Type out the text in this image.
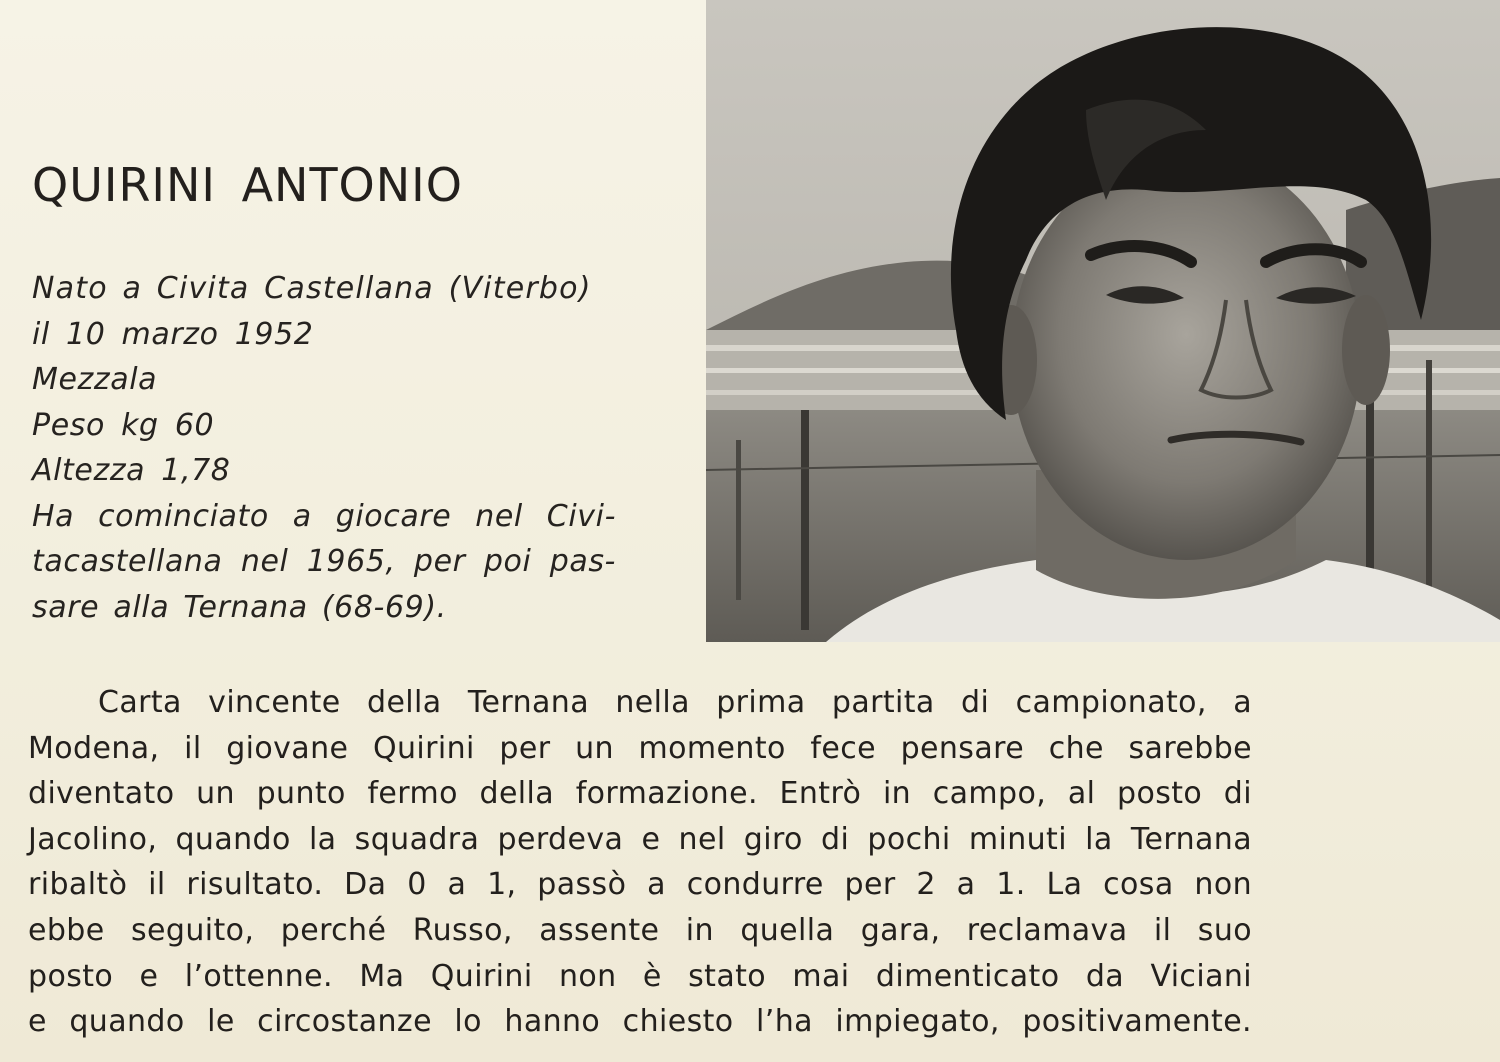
QUIRINI ANTONIO
Nato a Civita Castellana (Viterbo)
il 10 marzo 1952
Mezzala
Peso kg 60
Altezza 1,78
Ha cominciato a giocare nel Civi-
tacastellana nel 1965, per poi pas-
sare alla Ternana (68-69).
Carta vincente della Ternana nella prima partita di campionato, a
Modena, il giovane Quirini per un momento fece pensare che sarebbe
diventato un punto fermo della formazione. Entrò in campo, al posto di
Jacolino, quando la squadra perdeva e nel giro di pochi minuti la Ternana
ribaltò il risultato. Da 0 a 1, passò a condurre per 2 a 1. La cosa non
ebbe seguito, perché Russo, assente in quella gara, reclamava il suo
posto e l’ottenne. Ma Quirini non è stato mai dimenticato da Viciani
e quando le circostanze lo hanno chiesto l’ha impiegato, positivamente.
